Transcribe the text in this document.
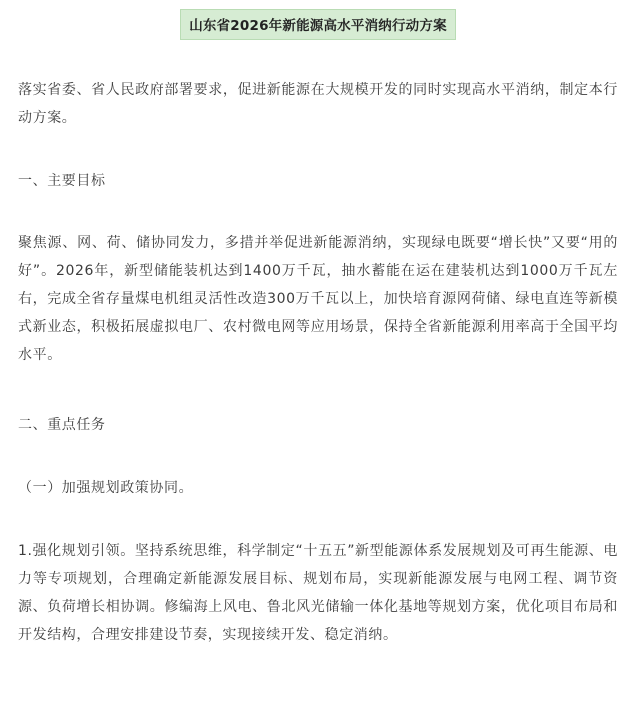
山东省2026年新能源高水平消纳行动方案

落实省委、省人民政府部署要求，促进新能源在大规模开发的同时实现高水平消纳，制定本行动方案。

一、主要目标

聚焦源、网、荷、储协同发力，多措并举促进新能源消纳，实现绿电既要“增长快”又要“用的好”。2026年，新型储能装机达到1400万千瓦，抽水蓄能在运在建装机达到1000万千瓦左右，完成全省存量煤电机组灵活性改造300万千瓦以上，加快培育源网荷储、绿电直连等新模式新业态，积极拓展虚拟电厂、农村微电网等应用场景，保持全省新能源利用率高于全国平均水平。

二、重点任务

（一）加强规划政策协同。

1.强化规划引领。坚持系统思维，科学制定“十五五”新型能源体系发展规划及可再生能源、电力等专项规划，合理确定新能源发展目标、规划布局，实现新能源发展与电网工程、调节资源、负荷增长相协调。修编海上风电、鲁北风光储输一体化基地等规划方案，优化项目布局和开发结构，合理安排建设节奏，实现接续开发、稳定消纳。
